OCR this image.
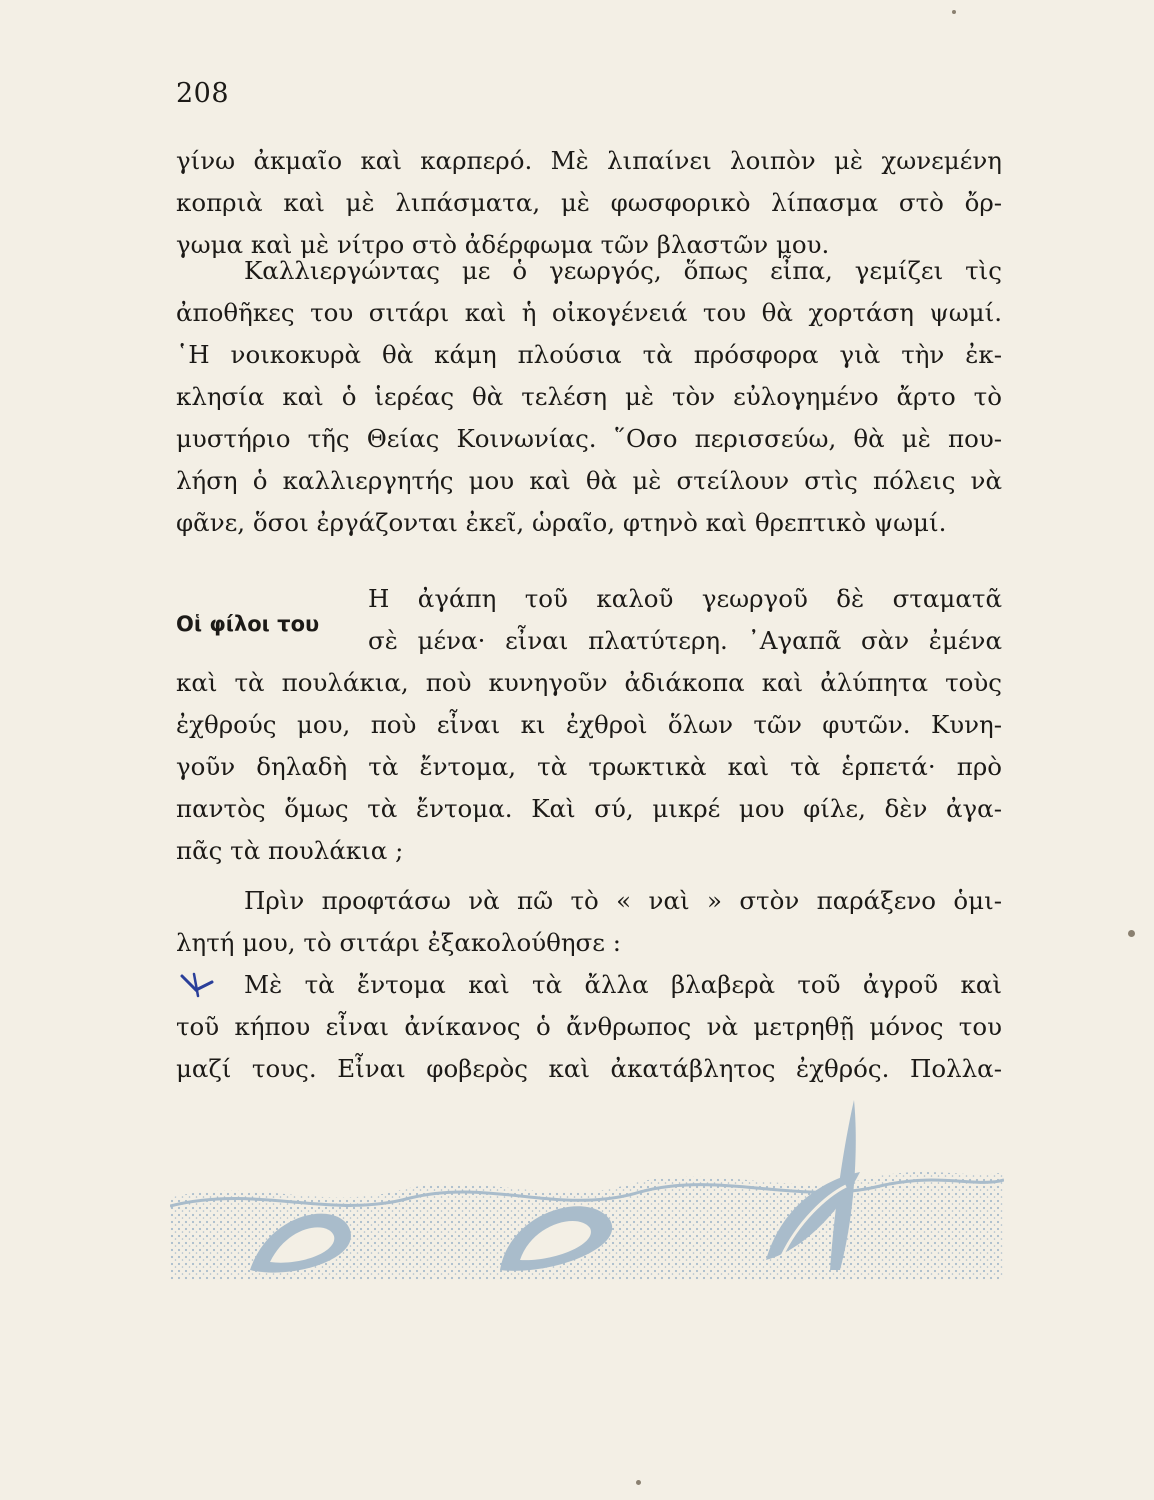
208
γίνω ἀκμαῖο καὶ καρπερό. Μὲ λιπαίνει λοιπὸν μὲ χωνεμένη
κοπριὰ καὶ μὲ λιπάσματα, μὲ φωσφορικὸ λίπασμα στὸ ὄρ-
γωμα καὶ μὲ νίτρο στὸ ἀδέρφωμα τῶν βλαστῶν μου.
Καλλιεργώντας με ὁ γεωργός, ὅπως εἶπα, γεμίζει τὶς
ἀποθῆκες του σιτάρι καὶ ἡ οἰκογένειά του θὰ χορτάση ψωμί.
῾Η νοικοκυρὰ θὰ κάμη πλούσια τὰ πρόσφορα γιὰ τὴν ἐκ-
κλησία καὶ ὁ ἱερέας θὰ τελέση μὲ τὸν εὐλογημένο ἄρτο τὸ
μυστήριο τῆς Θείας Κοινωνίας. ῞Οσο περισσεύω, θὰ μὲ που-
λήση ὁ καλλιεργητής μου καὶ θὰ μὲ στείλουν στὶς πόλεις νὰ
φᾶνε, ὅσοι ἐργάζονται ἐκεῖ, ὡραῖο, φτηνὸ καὶ θρεπτικὸ ψωμί.
Οἱ φίλοι του
Η ἀγάπη τοῦ καλοῦ γεωργοῦ δὲ σταματᾶ
σὲ μένα· εἶναι πλατύτερη. ᾿Αγαπᾶ σὰν ἐμένα
καὶ τὰ πουλάκια, ποὺ κυνηγοῦν ἀδιάκοπα καὶ ἀλύπητα τοὺς
ἐχθρούς μου, ποὺ εἶναι κι ἐχθροὶ ὅλων τῶν φυτῶν. Κυνη-
γοῦν δηλαδὴ τὰ ἔντομα, τὰ τρωκτικὰ καὶ τὰ ἑρπετά· πρὸ
παντὸς ὅμως τὰ ἔντομα. Καὶ σύ, μικρέ μου φίλε, δὲν ἀγα-
πᾶς τὰ πουλάκια ;
Πρὶν προφτάσω νὰ πῶ τὸ « ναὶ » στὸν παράξενο ὁμι-
λητή μου, τὸ σιτάρι ἐξακολούθησε :
Μὲ τὰ ἔντομα καὶ τὰ ἄλλα βλαβερὰ τοῦ ἀγροῦ καὶ
τοῦ κήπου εἶναι ἀνίκανος ὁ ἄνθρωπος νὰ μετρηθῇ μόνος του
μαζί τους. Εἶναι φοβερὸς καὶ ἀκατάβλητος ἐχθρός. Πολλα-
